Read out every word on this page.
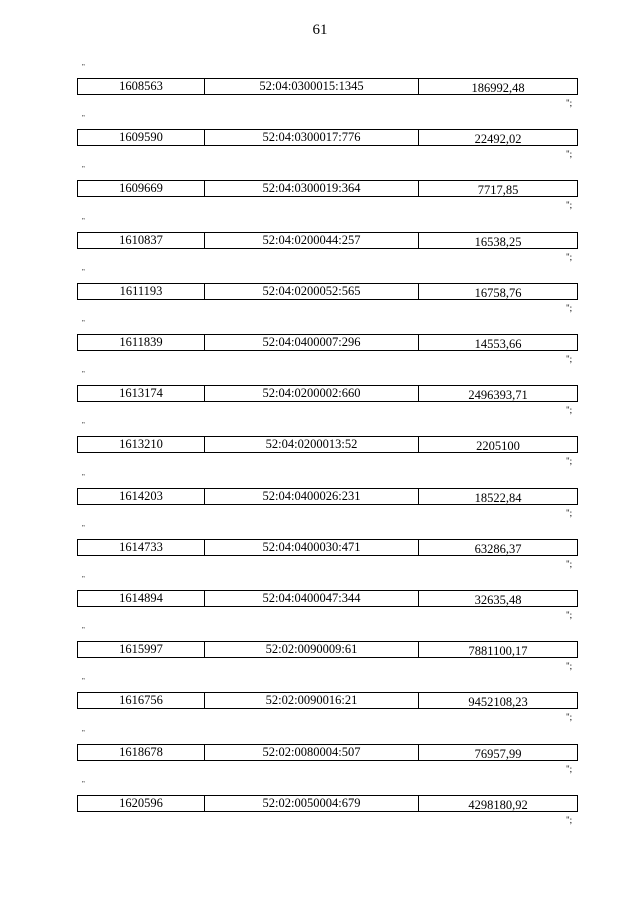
61
"
1608563	52:04:0300015:1345	186992,48
";
"
1609590	52:04:0300017:776	22492,02
";
"
1609669	52:04:0300019:364	7717,85
";
"
1610837	52:04:0200044:257	16538,25
";
"
1611193	52:04:0200052:565	16758,76
";
"
1611839	52:04:0400007:296	14553,66
";
"
1613174	52:04:0200002:660	2496393,71
";
"
1613210	52:04:0200013:52	2205100
";
"
1614203	52:04:0400026:231	18522,84
";
"
1614733	52:04:0400030:471	63286,37
";
"
1614894	52:04:0400047:344	32635,48
";
"
1615997	52:02:0090009:61	7881100,17
";
"
1616756	52:02:0090016:21	9452108,23
";
"
1618678	52:02:0080004:507	76957,99
";
"
1620596	52:02:0050004:679	4298180,92
";
